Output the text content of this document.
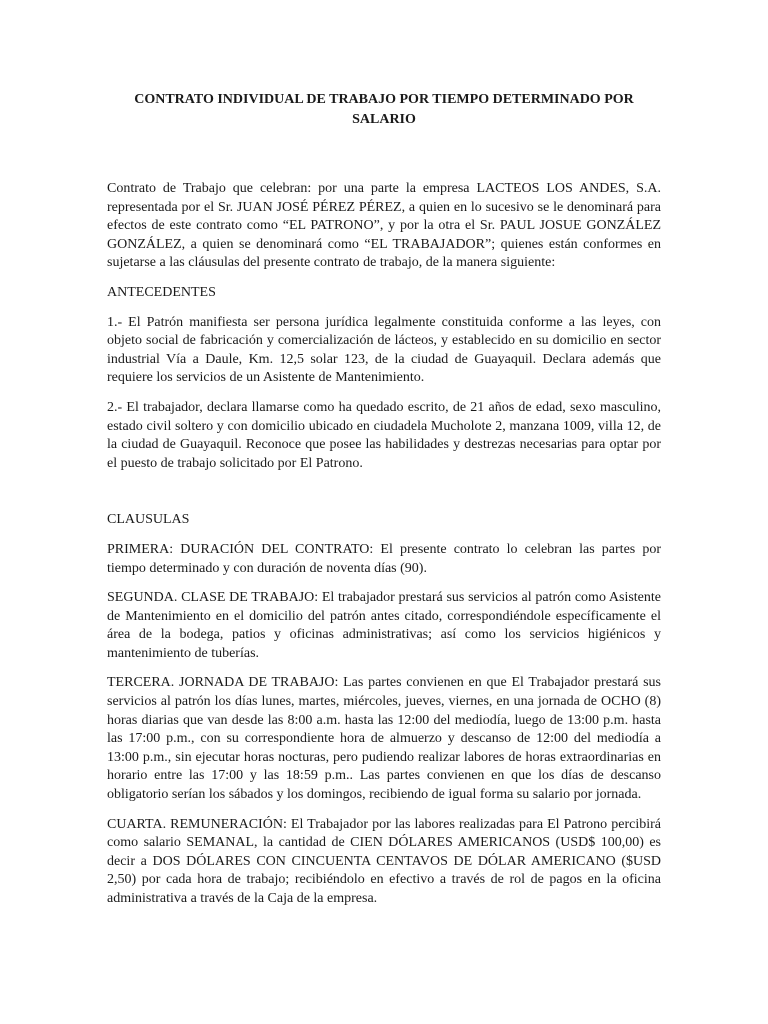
CONTRATO INDIVIDUAL DE TRABAJO POR TIEMPO DETERMINADO POR SALARIO

Contrato de Trabajo que celebran: por una parte la empresa LACTEOS LOS ANDES, S.A. representada por el Sr. JUAN JOSÉ PÉREZ PÉREZ, a quien en lo sucesivo se le denominará para efectos de este contrato como “EL PATRONO”, y por la otra el Sr. PAUL JOSUE GONZÁLEZ GONZÁLEZ, a quien se denominará como “EL TRABAJADOR”; quienes están conformes en sujetarse a las cláusulas del presente contrato de trabajo, de la manera siguiente:

ANTECEDENTES

1.- El Patrón manifiesta ser persona jurídica legalmente constituida conforme a las leyes, con objeto social de fabricación y comercialización de lácteos, y establecido en su domicilio en sector industrial Vía a Daule, Km. 12,5 solar 123, de la ciudad de Guayaquil. Declara además que requiere los servicios de un Asistente de Mantenimiento.

2.- El trabajador, declara llamarse como ha quedado escrito, de 21 años de edad, sexo masculino, estado civil soltero y con domicilio ubicado en ciudadela Mucholote 2, manzana 1009, villa 12, de la ciudad de Guayaquil. Reconoce que posee las habilidades y destrezas necesarias para optar por el puesto de trabajo solicitado por El Patrono.

CLAUSULAS

PRIMERA: DURACIÓN DEL CONTRATO: El presente contrato lo celebran las partes por tiempo determinado y con duración de noventa días (90).

SEGUNDA. CLASE DE TRABAJO: El trabajador prestará sus servicios al patrón como Asistente de Mantenimiento en el domicilio del patrón antes citado, correspondiéndole específicamente el área de la bodega, patios y oficinas administrativas; así como los servicios higiénicos y mantenimiento de tuberías.

TERCERA. JORNADA DE TRABAJO: Las partes convienen en que El Trabajador prestará sus servicios al patrón los días lunes, martes, miércoles, jueves, viernes, en una jornada de OCHO (8) horas diarias que van desde las 8:00 a.m. hasta las 12:00 del mediodía, luego de 13:00 p.m. hasta las 17:00 p.m., con su correspondiente hora de almuerzo y descanso de 12:00 del mediodía a 13:00 p.m., sin ejecutar horas nocturas, pero pudiendo realizar labores de horas extraordinarias en horario entre las 17:00 y las 18:59 p.m.. Las partes convienen en que los días de descanso obligatorio serían los sábados y los domingos, recibiendo de igual forma su salario por jornada.

CUARTA. REMUNERACIÓN: El Trabajador por las labores realizadas para El Patrono percibirá como salario SEMANAL, la cantidad de CIEN DÓLARES AMERICANOS (USD$ 100,00) es decir a DOS DÓLARES CON CINCUENTA CENTAVOS DE DÓLAR AMERICANO ($USD 2,50) por cada hora de trabajo; recibiéndolo en efectivo a través de rol de pagos en la oficina administrativa a través de la Caja de la empresa.
